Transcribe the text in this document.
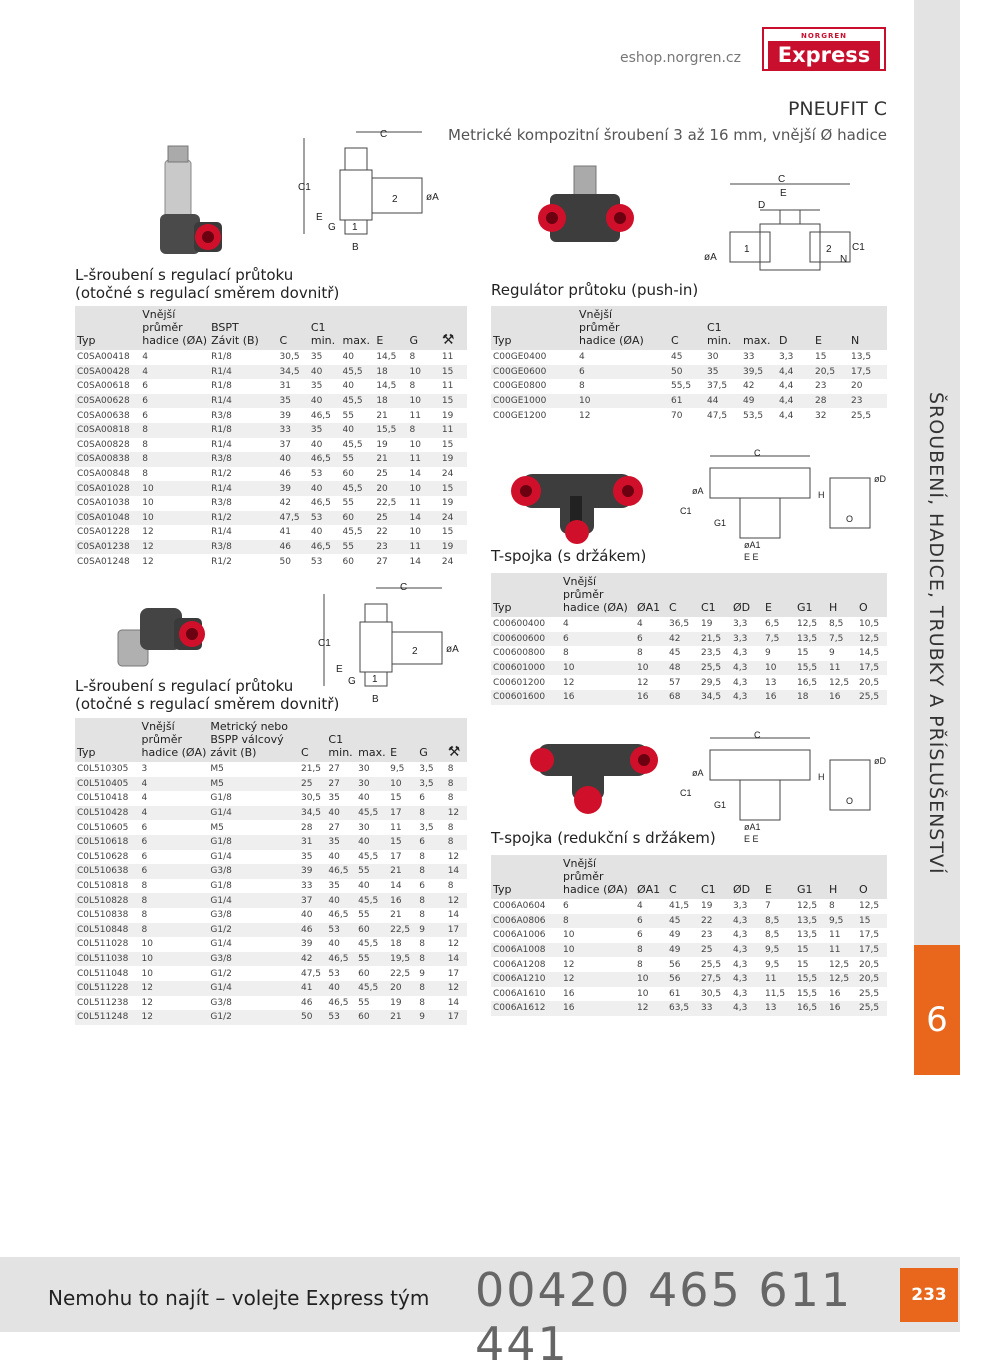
eshop.norgren.cz
NORGREN
Express
PNEUFIT C
Metrické kompozitní šroubení 3 až 16 mm, vnější Ø hadice
ŠROUBENÍ, HADICE, TRUBKY A PŘÍSLUŠENSTVÍ
6
C
C1
E
G
2
1
B
øA
L-šroubení s regulací průtoku
(otočné s regulací směrem dovnitř)
Typ	Vnější
průměr
hadice (ØA)	BSPT
Závit (B)	C	C1
min.	max.	E	G	⚒
C0SA00418	4	R1/8	30,5	35	40	14,5	8	11
C0SA00428	4	R1/4	34,5	40	45,5	18	10	15
C0SA00618	6	R1/8	31	35	40	14,5	8	11
C0SA00628	6	R1/4	35	40	45,5	18	10	15
C0SA00638	6	R3/8	39	46,5	55	21	11	19
C0SA00818	8	R1/8	33	35	40	15,5	8	11
C0SA00828	8	R1/4	37	40	45,5	19	10	15
C0SA00838	8	R3/8	40	46,5	55	21	11	19
C0SA00848	8	R1/2	46	53	60	25	14	24
C0SA01028	10	R1/4	39	40	45,5	20	10	15
C0SA01038	10	R3/8	42	46,5	55	22,5	11	19
C0SA01048	10	R1/2	47,5	53	60	25	14	24
C0SA01228	12	R1/4	41	40	45,5	22	10	15
C0SA01238	12	R3/8	46	46,5	55	23	11	19
C0SA01248	12	R1/2	50	53	60	27	14	24
C
C1
E
G
2
1
B
øA
L-šroubení s regulací průtoku
(otočné s regulací směrem dovnitř)
Typ	Vnější
průměr
hadice (ØA)	Metrický nebo
BSPP válcový
závit (B)	C	C1
min.	max.	E	G	⚒
C0L510305	3	M5	21,5	27	30	9,5	3,5	8
C0L510405	4	M5	25	27	30	10	3,5	8
C0L510418	4	G1/8	30,5	35	40	15	6	8
C0L510428	4	G1/4	34,5	40	45,5	17	8	12
C0L510605	6	M5	28	27	30	11	3,5	8
C0L510618	6	G1/8	31	35	40	15	6	8
C0L510628	6	G1/4	35	40	45,5	17	8	12
C0L510638	6	G3/8	39	46,5	55	21	8	14
C0L510818	8	G1/8	33	35	40	14	6	8
C0L510828	8	G1/4	37	40	45,5	16	8	12
C0L510838	8	G3/8	40	46,5	55	21	8	14
C0L510848	8	G1/2	46	53	60	22,5	9	17
C0L511028	10	G1/4	39	40	45,5	18	8	12
C0L511038	10	G3/8	42	46,5	55	19,5	8	14
C0L511048	10	G1/2	47,5	53	60	22,5	9	17
C0L511228	12	G1/4	41	40	45,5	20	8	12
C0L511238	12	G3/8	46	46,5	55	19	8	14
C0L511248	12	G1/2	50	53	60	21	9	17
C
E
D
1	2
øA	N
C1
Regulátor průtoku (push-in)
Typ	Vnější
průměr
hadice (ØA)	C	C1
min.	max.	D	E	N
C00GE0400	4	45	30	33	3,3	15	13,5
C00GE0600	6	50	35	39,5	4,4	20,5	17,5
C00GE0800	8	55,5	37,5	42	4,4	23	20
C00GE1000	10	61	44	49	4,4	28	23
C00GE1200	12	70	47,5	53,5	4,4	32	25,5
C
C1
øA
G1
øA1
E E
H
O
øD
T-spojka (s držákem)
Typ	Vnější
průměr
hadice (ØA)	ØA1	C	C1	ØD	E	G1	H	O
C00600400	4	4	36,5	19	3,3	6,5	12,5	8,5	10,5
C00600600	6	6	42	21,5	3,3	7,5	13,5	7,5	12,5
C00600800	8	8	45	23,5	4,3	9	15	9	14,5
C00601000	10	10	48	25,5	4,3	10	15,5	11	17,5
C00601200	12	12	57	29,5	4,3	13	16,5	12,5	20,5
C00601600	16	16	68	34,5	4,3	16	18	16	25,5
C
C1
øA
G1
øA1
E E
H
O
øD
T-spojka (redukční s držákem)
Typ	Vnější
průměr
hadice (ØA)	ØA1	C	C1	ØD	E	G1	H	O
C006A0604	6	4	41,5	19	3,3	7	12,5	8	12,5
C006A0806	8	6	45	22	4,3	8,5	13,5	9,5	15
C006A1006	10	6	49	23	4,3	8,5	13,5	11	17,5
C006A1008	10	8	49	25	4,3	9,5	15	11	17,5
C006A1208	12	8	56	25,5	4,3	9,5	15	12,5	20,5
C006A1210	12	10	56	27,5	4,3	11	15,5	12,5	20,5
C006A1610	16	10	61	30,5	4,3	11,5	15,5	16	25,5
C006A1612	16	12	63,5	33	4,3	13	16,5	16	25,5
Nemohu to najít – volejte Express tým 00420 465 611 441
233
